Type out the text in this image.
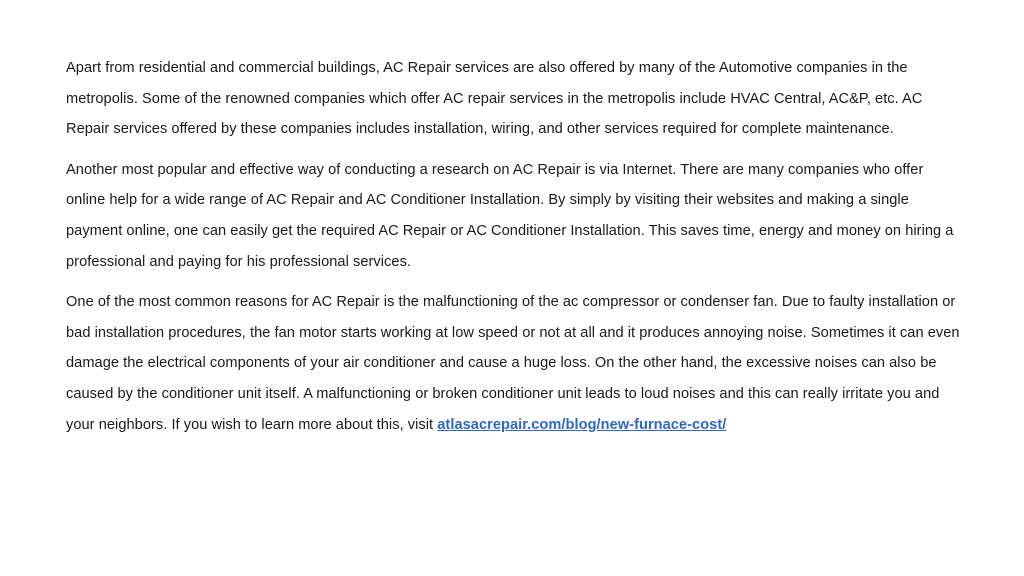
Apart from residential and commercial buildings, AC Repair services are also offered by many of the Automotive companies in the metropolis. Some of the renowned companies which offer AC repair services in the metropolis include HVAC Central, AC&P, etc. AC Repair services offered by these companies includes installation, wiring, and other services required for complete maintenance.

Another most popular and effective way of conducting a research on AC Repair is via Internet. There are many companies who offer online help for a wide range of AC Repair and AC Conditioner Installation. By simply by visiting their websites and making a single payment online, one can easily get the required AC Repair or AC Conditioner Installation. This saves time, energy and money on hiring a professional and paying for his professional services.

One of the most common reasons for AC Repair is the malfunctioning of the ac compressor or condenser fan. Due to faulty installation or bad installation procedures, the fan motor starts working at low speed or not at all and it produces annoying noise. Sometimes it can even damage the electrical components of your air conditioner and cause a huge loss. On the other hand, the excessive noises can also be caused by the conditioner unit itself. A malfunctioning or broken conditioner unit leads to loud noises and this can really irritate you and your neighbors. If you wish to learn more about this, visit atlasacrepair.com/blog/new-furnace-cost/
